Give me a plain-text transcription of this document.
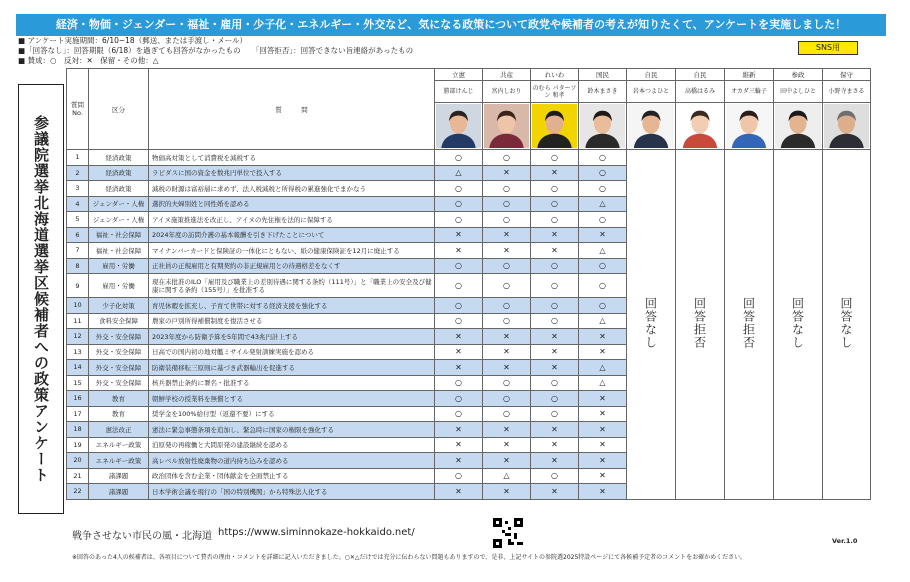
経済・物価・ジェンダー・福祉・雇用・少子化・エネルギー・外交など、気になる政策について政党や候補者の考えが知りたくて、アンケートを実施しました！
■ アンケート実施期間：6/10~18（郵送、または手渡し・メール）
■「回答なし」：回答期限（6/18）を過ぎても回答がなかったもの　　「回答拒否」：回答できない旨連絡があったもの
■ 賛成：○　反対：✕　保留・その他：△
SNS用
参議院選挙北海道選挙区候補者への政策アンケート
質問No.	区分	質　　　問	立憲	共産	れいわ	国民	自民	自民	維新	参政	保守
			勝部けんじ	宮内しおり	のむら パターソン 和孝	鈴木まさき	岩本つよひと	高橋はるみ	オカダ三輪子	田中よしひと	小野寺まさる

1	経済政策	物価高対策として消費税を減税する	○	○	○	○	回答なし	回答拒否	回答拒否	回答なし	回答なし
2	経済政策	ラピダスに国の資金を数兆円単位で投入する	△	✕	✕	○					
3	経済政策	減税の財源は富裕層に求めず、法人税減税と所得税の累進強化でまかなう	○	○	○	○					
4	ジェンダー・人権	選択的夫婦別姓と同性婚を認める	○	○	○	△					
5	ジェンダー・人権	アイヌ施策推進法を改正し、アイヌの先住権を法的に保障する	○	○	○	○					
6	福祉・社会保障	2024年度の訪問介護の基本報酬を引き下げたことについて	✕	✕	✕	✕					
7	福祉・社会保障	マイナンバーカードと保険証の一体化にともない、紙の健康保険証を12月に廃止する	✕	✕	✕	△					
8	雇用・労働	正社員の正規雇用と有期契約の非正規雇用との待遇格差をなくす	○	○	○	○					
9	雇用・労働	現在未批准のILO「雇用及び職業上の差別待遇に関する条約（111号）」と「職業上の安全及び健康に関する条約（155号）」を批准する	○	○	○	○					
10	少子化対策	育児休暇を拡充し、子育て世帯に対する経済支援を強化する	○	○	○	○					
11	食料安全保障	農家の戸別所得補償制度を復活させる	○	○	○	△					
12	外交・安全保障	2023年度から防衛予算を5年間で43兆円計上する	✕	✕	✕	✕					
13	外交・安全保障	日高での国内初の地対艦ミサイル発射訓練実施を認める	✕	✕	✕	✕					
14	外交・安全保障	防衛装備移転三原則に基づき武器輸出を促進する	✕	✕	✕	△					
15	外交・安全保障	核兵器禁止条約に署名・批准する	○	○	○	△					
16	教育	朝鮮学校の授業料を無償とする	○	○	○	✕					
17	教育	奨学金を100%給付型（返還不要）にする	○	○	○	✕					
18	憲法改正	憲法に緊急事態条項を追加し、緊急時に国家の権限を強化する	✕	✕	✕	✕					
19	エネルギー政策	泊原発の再稼働と大間原発の建設継続を認める	✕	✕	✕	✕					
20	エネルギー政策	高レベル放射性廃棄物の道内持ち込みを認める	✕	✕	✕	✕					
21	諸課題	政治団体を含む企業・団体献金を全面禁止する	○	△	○	✕					
22	諸課題	日本学術会議を現行の「国の特別機関」から特殊法人化する	✕	✕	✕	✕					
戦争させない市民の風・北海道 https://www.siminnokaze-hokkaido.net/
Ver.1.0
※回答のあった4人の候補者は、各項目について賛否の理由・コメントを詳細に記入いただきました。○✕△だけでは充分に伝わらない問題もありますので、是非、上記サイトの参院選2025特設ページにて各候補予定者のコメントをお確かめください。
